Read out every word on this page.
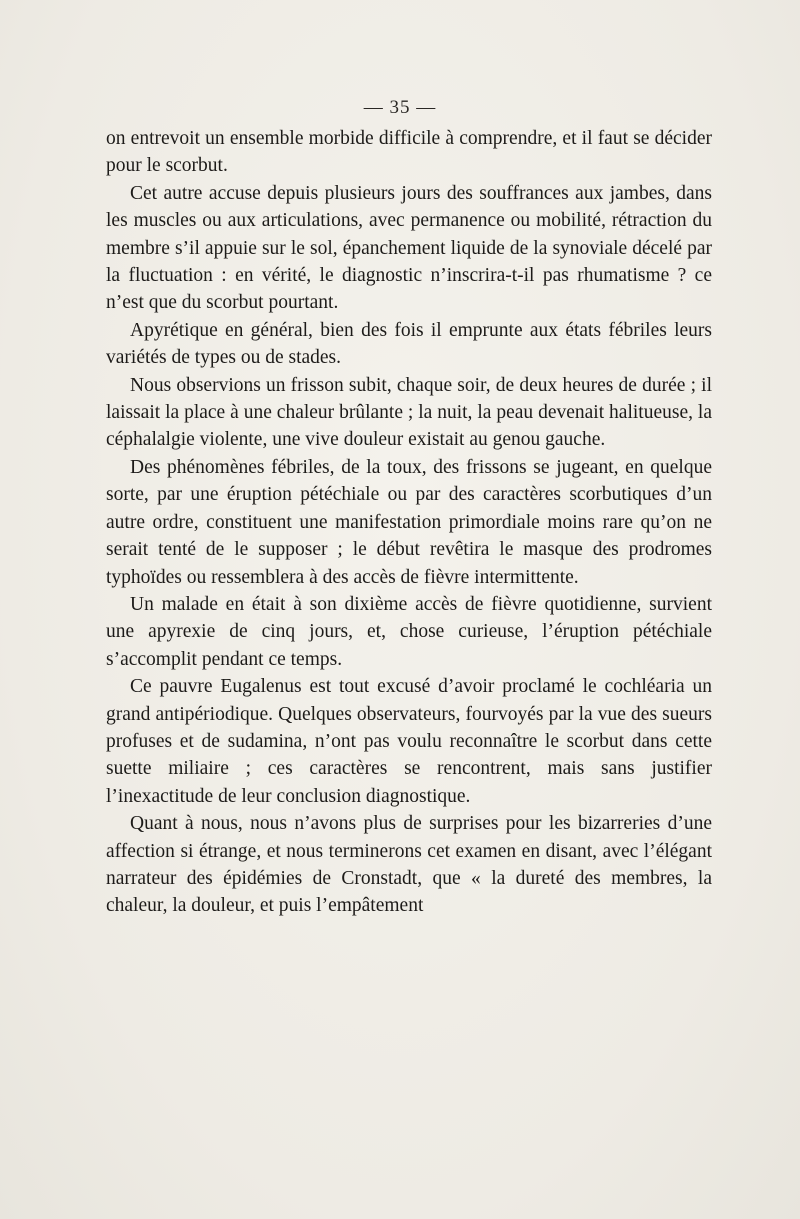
— 35 —

on entrevoit un ensemble morbide difficile à comprendre, et il faut se décider pour le scorbut.

Cet autre accuse depuis plusieurs jours des souffrances aux jambes, dans les muscles ou aux articulations, avec permanence ou mobilité, rétraction du membre s’il appuie sur le sol, épanchement liquide de la synoviale décelé par la fluctuation : en vérité, le diagnostic n’inscrira-t-il pas rhumatisme ? ce n’est que du scorbut pourtant.

Apyrétique en général, bien des fois il emprunte aux états fébriles leurs variétés de types ou de stades.

Nous observions un frisson subit, chaque soir, de deux heures de durée ; il laissait la place à une chaleur brûlante ; la nuit, la peau devenait halitueuse, la céphalalgie violente, une vive douleur existait au genou gauche.

Des phénomènes fébriles, de la toux, des frissons se jugeant, en quelque sorte, par une éruption pétéchiale ou par des caractères scorbutiques d’un autre ordre, constituent une manifestation primordiale moins rare qu’on ne serait tenté de le supposer ; le début revêtira le masque des prodromes typhoïdes ou ressemblera à des accès de fièvre intermittente.

Un malade en était à son dixième accès de fièvre quotidienne, survient une apyrexie de cinq jours, et, chose curieuse, l’éruption pétéchiale s’accomplit pendant ce temps.

Ce pauvre Eugalenus est tout excusé d’avoir proclamé le cochléaria un grand antipériodique. Quelques observateurs, fourvoyés par la vue des sueurs profuses et de sudamina, n’ont pas voulu reconnaître le scorbut dans cette suette miliaire ; ces caractères se rencontrent, mais sans justifier l’inexactitude de leur conclusion diagnostique.

Quant à nous, nous n’avons plus de surprises pour les bizarreries d’une affection si étrange, et nous terminerons cet examen en disant, avec l’élégant narrateur des épidémies de Cronstadt, que « la dureté des membres, la chaleur, la douleur, et puis l’empâtement
